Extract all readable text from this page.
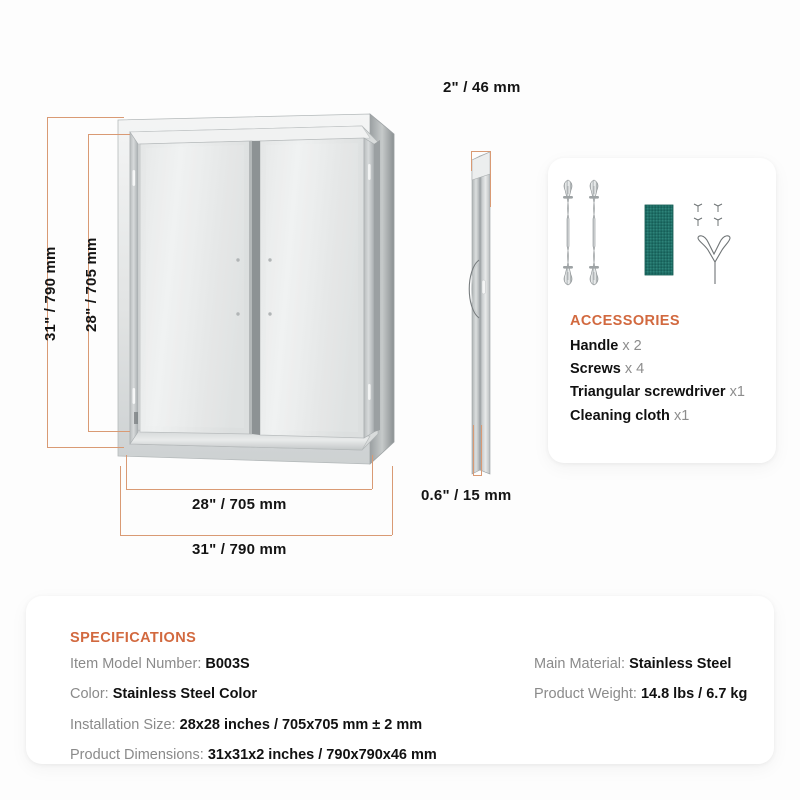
31" / 790 mm 28" / 705 mm
28" / 705 mm
31" / 790 mm
2" / 46 mm
0.6" / 15 mm
ACCESSORIES
Handle x 2
Screws x 4
Triangular screwdriver x1
Cleaning cloth x1
SPECIFICATIONS
Item Model Number: B003S
Color: Stainless Steel Color
Installation Size: 28x28 inches / 705x705 mm ± 2 mm
Product Dimensions: 31x31x2 inches / 790x790x46 mm
Main Material: Stainless Steel
Product Weight: 14.8 lbs / 6.7 kg
